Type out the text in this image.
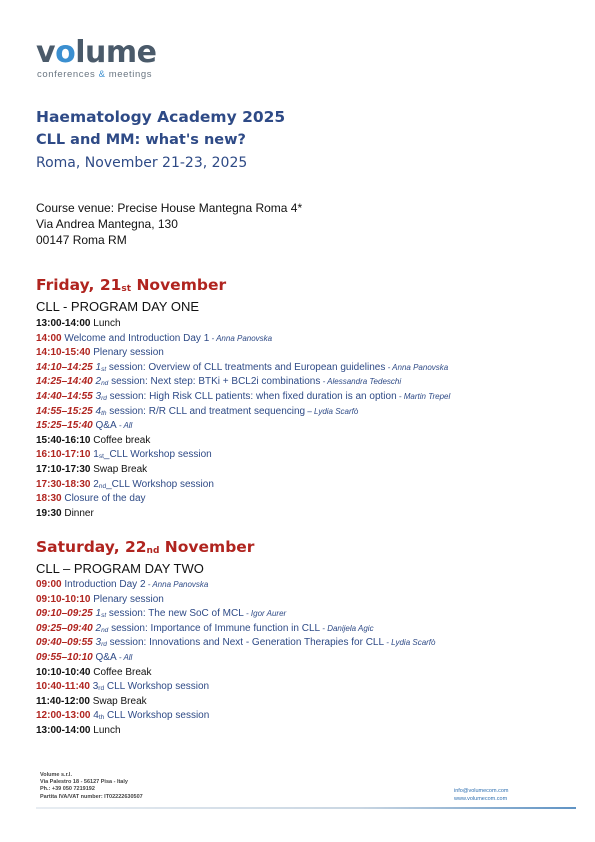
volume
conferences & meetings
Haematology Academy 2025
CLL and MM: what's new?
Roma, November 21-23, 2025
Course venue: Precise House Mantegna Roma 4*
Via Andrea Mantegna, 130
00147 Roma RM
Friday, $21_{st}$ November
CLL - PROGRAM DAY ONE
13:00-14:00 Lunch
14:00 Welcome and Introduction Day 1 - Anna Panovska
14:10-15:40 Plenary session
14:10–14:25 $1_{st}$ session: Overview of CLL treatments and European guidelines - Anna Panovska
14:25–14:40 $2_{nd}$ session: Next step: BTKi + BCL2i combinations - Alessandra Tedeschi
14:40–14:55 $3_{rd}$ session: High Risk CLL patients: when fixed duration is an option - Martin Trepel
14:55–15:25 $4_{th}$ session: R/R CLL and treatment sequencing – Lydia Scarfò
15:25–15:40 Q&A - All
15:40-16:10 Coffee break
16:10-17:10 $1_{st}\_CLL$ Workshop session
17:10-17:30 Swap Break
17:30-18:30 $2_{nd}\_CLL$ Workshop session
18:30 Closure of the day
19:30 Dinner
Saturday, $22_{nd}$ November
CLL – PROGRAM DAY TWO
09:00 Introduction Day 2 - Anna Panovska
09:10-10:10 Plenary session
09:10–09:25 $1_{st}$ session: The new SoC of MCL - Igor Aurer
09:25–09:40 $2_{nd}$ session: Importance of Immune function in CLL - Danijela Agic
09:40–09:55 $3_{rd}$ session: Innovations and Next - Generation Therapies for CLL - Lydia Scarfò
09:55–10:10 Q&A - All
10:10-10:40 Coffee Break
10:40-11:40 $3_{rd}$ CLL Workshop session
11:40-12:00 Swap Break
12:00-13:00 $4_{th}$ CLL Workshop session
13:00-14:00 Lunch
Volume s.r.l.
Via Palestro 18 - 56127 Pisa - Italy
Ph.: +39 050 7219192
Partita IVA/VAT number: IT02222630507
info@volumecom.com
www.volumecom.com
